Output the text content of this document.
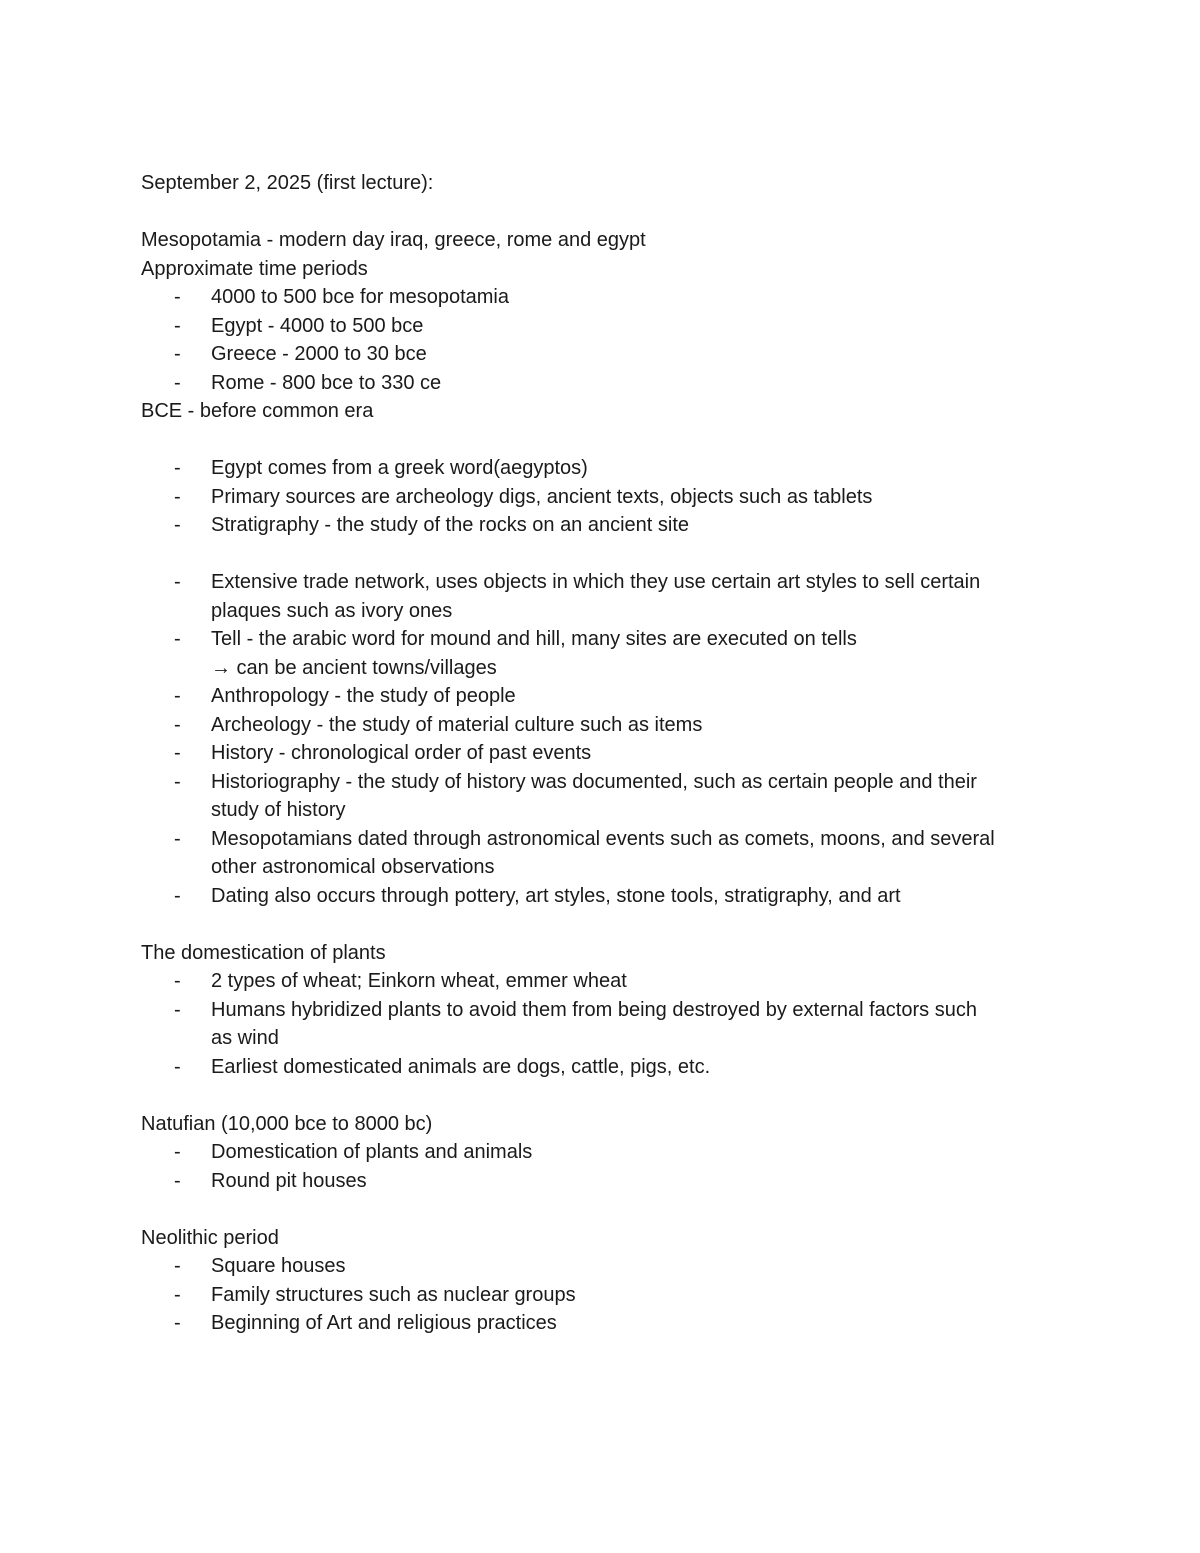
September 2, 2025 (first lecture):
Mesopotamia - modern day iraq, greece, rome and egypt
Approximate time periods
- 4000 to 500 bce for mesopotamia
- Egypt - 4000 to 500 bce
- Greece - 2000 to 30 bce
- Rome - 800 bce to 330 ce
BCE - before common era
- Egypt comes from a greek word(aegyptos)
- Primary sources are archeology digs, ancient texts, objects such as tablets
- Stratigraphy - the study of the rocks on an ancient site
- Extensive trade network, uses objects in which they use certain art styles to sell certain
plaques such as ivory ones
- Tell - the arabic word for mound and hill, many sites are executed on tells
→ can be ancient towns/villages
- Anthropology - the study of people
- Archeology - the study of material culture such as items
- History - chronological order of past events
- Historiography - the study of history was documented, such as certain people and their
study of history
- Mesopotamians dated through astronomical events such as comets, moons, and several
other astronomical observations
- Dating also occurs through pottery, art styles, stone tools, stratigraphy, and art
The domestication of plants
- 2 types of wheat; Einkorn wheat, emmer wheat
- Humans hybridized plants to avoid them from being destroyed by external factors such
as wind
- Earliest domesticated animals are dogs, cattle, pigs, etc.
Natufian (10,000 bce to 8000 bc)
- Domestication of plants and animals
- Round pit houses
Neolithic period
- Square houses
- Family structures such as nuclear groups
- Beginning of Art and religious practices
